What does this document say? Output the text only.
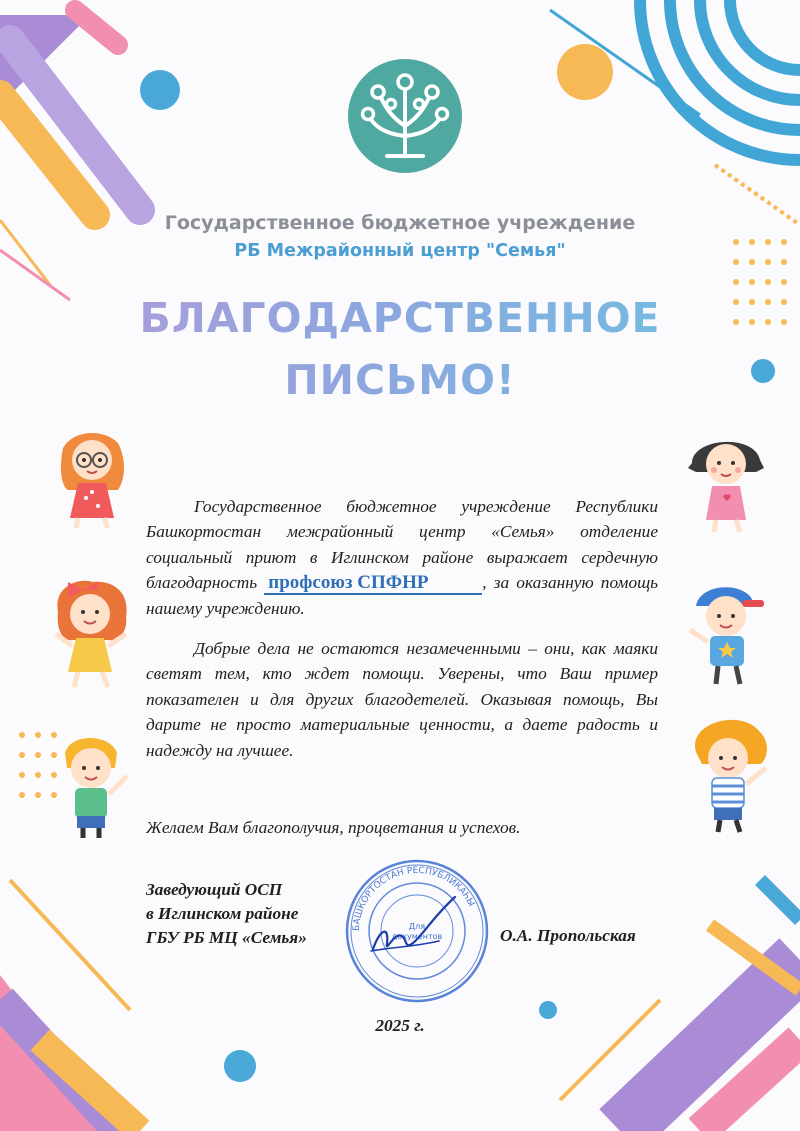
Государственное бюджетное учреждение
РБ Межрайонный центр "Семья"
БЛАГОДАРСТВЕННОЕ
ПИСЬМО!
Государственное бюджетное учреждение Республики Башкортостан межрайонный центр «Семья» отделение социальный приют в Иглинском районе выражает сердечную благодарность профсоюз СПФНР	, за оказанную помощь нашему учреждению.
Добрые дела не остаются незамеченными – они, как маяки светят тем, кто ждет помощи. Уверены, что Ваш пример показателен и для других благодетелей. Оказывая помощь, Вы дарите не просто материальные ценности, а даете радость и надежду на лучшее.
Желаем Вам благополучия, процветания и успехов.
Заведующий ОСП
в Иглинском районе
ГБУ РБ МЦ «Семья»	О.А. Пропольская
БАШКОРТОСТАН РЕСПУБЛИКАҺЫ
Для
документов
2025 г.
